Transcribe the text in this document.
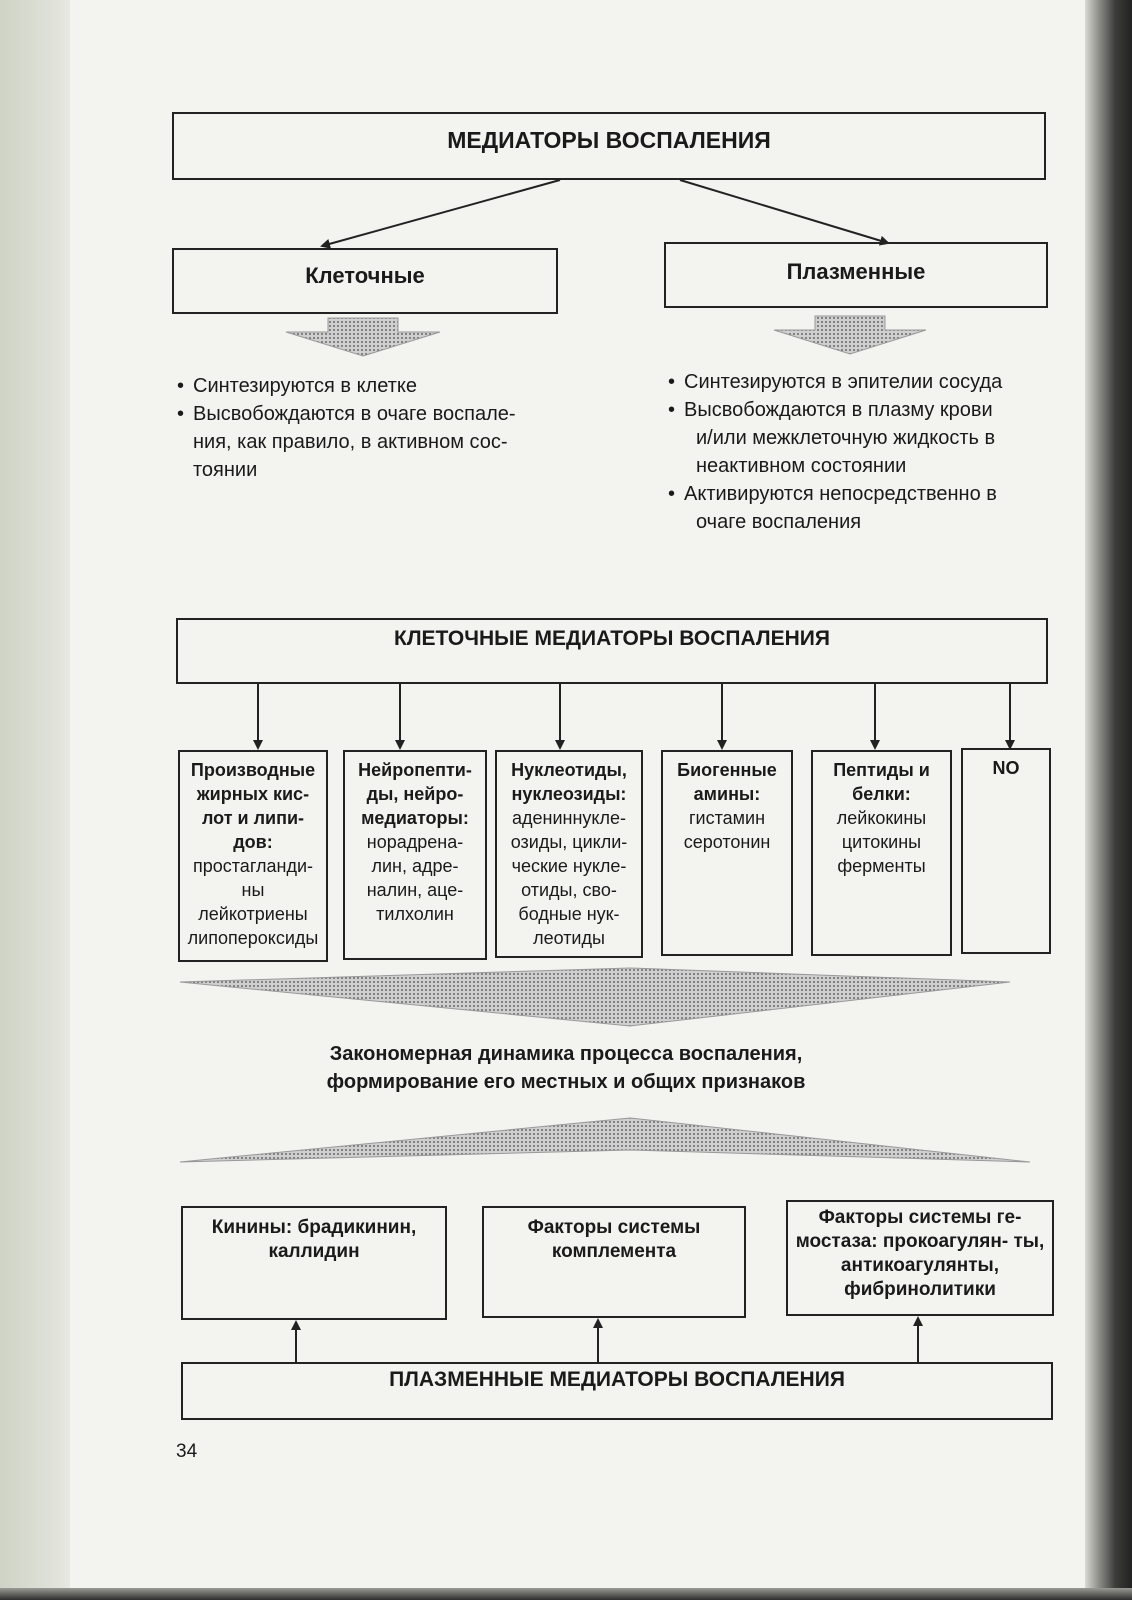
МЕДИАТОРЫ ВОСПАЛЕНИЯ
Клеточные	Плазменные
• Синтезируются в клетке
• Высвобождаются в очаге воспале-
ния, как правило, в активном сос-
тоянии
• Синтезируются в эпителии сосуда
• Высвобождаются в плазму крови
и/или межклеточную жидкость в
неактивном состоянии
• Активируются непосредственно в
очаге воспаления
КЛЕТОЧНЫЕ МЕДИАТОРЫ ВОСПАЛЕНИЯ
Производные
жирных кис-
лот и липи-
дов:
простагланди-
ны
лейкотриены
липопероксиды
Нейропепти-
ды, нейро-
медиаторы:
норадрена-
лин, адре-
налин, аце-
тилхолин
Нуклеотиды,
нуклеозиды:
адениннукле-
озиды, цикли-
ческие нукле-
отиды, сво-
бодные нук-
леотиды
Биогенные
амины:
гистамин
серотонин
Пептиды и
белки:
лейкокины
цитокины
ферменты
NO
Закономерная динамика процесса воспаления,
формирование его местных и общих признаков
Кинины: брадикинин, каллидин
Факторы системы комплемента
Факторы системы ге- мостаза: прокоагулян- ты, антикоагулянты, фибринолитики
ПЛАЗМЕННЫЕ МЕДИАТОРЫ ВОСПАЛЕНИЯ
34
